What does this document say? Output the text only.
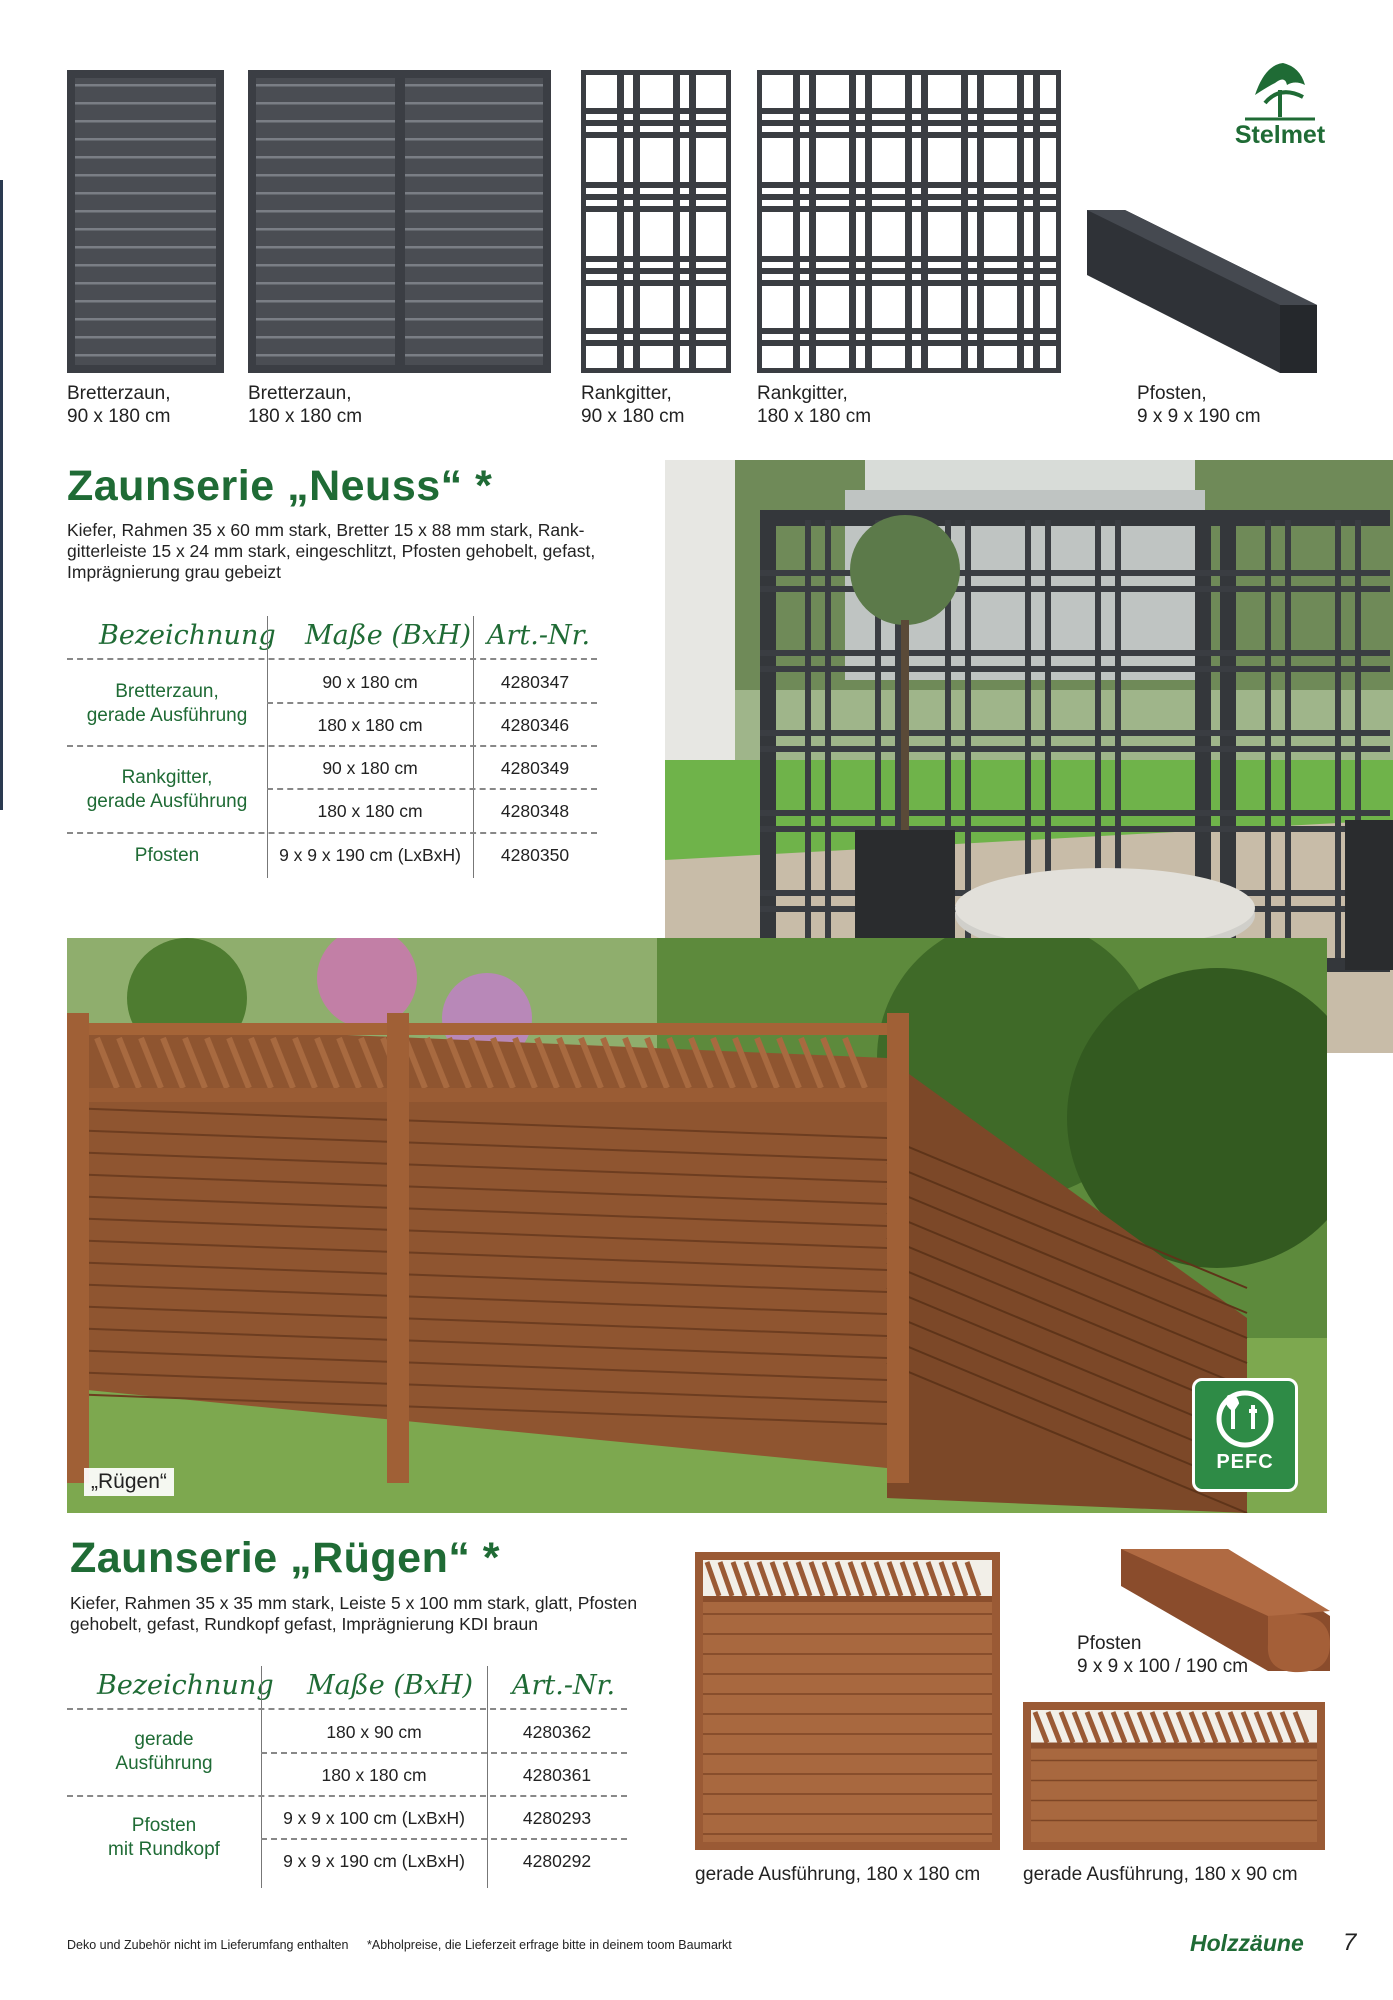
Stelmet
Bretterzaun,
90 x 180 cm
Bretterzaun,
180 x 180 cm
Rankgitter,
90 x 180 cm
Rankgitter,
180 x 180 cm
Pfosten,
9 x 9 x 190 cm
Zaunserie „Neuss“ *
Kiefer, Rahmen 35 x 60 mm stark, Bretter 15 x 88 mm stark, Rank-
gitterleiste 15 x 24 mm stark, eingeschlitzt, Pfosten gehobelt, gefast,
Imprägnierung grau gebeizt
Bezeichnung Maße (BxH) Art.-Nr.
Bretterzaun,
gerade Ausführung
90 x 180 cm	4280347
180 x 180 cm	4280346
Rankgitter,
gerade Ausführung
90 x 180 cm	4280349
180 x 180 cm	4280348
Pfosten	9 x 9 x 190 cm (LxBxH)	4280350
„Rügen“
PEFC
Zaunserie „Rügen“ *
Kiefer, Rahmen 35 x 35 mm stark, Leiste 5 x 100 mm stark, glatt, Pfosten
gehobelt, gefast, Rundkopf gefast, Imprägnierung KDI braun
Bezeichnung Maße (BxH) Art.-Nr.
gerade
Ausführung
180 x 90 cm	4280362
180 x 180 cm	4280361
Pfosten
mit Rundkopf
9 x 9 x 100 cm (LxBxH)	4280293
9 x 9 x 190 cm (LxBxH)	4280292
Pfosten
9 x 9 x 100 / 190 cm
gerade Ausführung, 180 x 180 cm gerade Ausführung, 180 x 90 cm
Deko und Zubehör nicht im Lieferumfang enthalten *Abholpreise, die Lieferzeit erfrage bitte in deinem toom Baumarkt	Holzzäune 7
